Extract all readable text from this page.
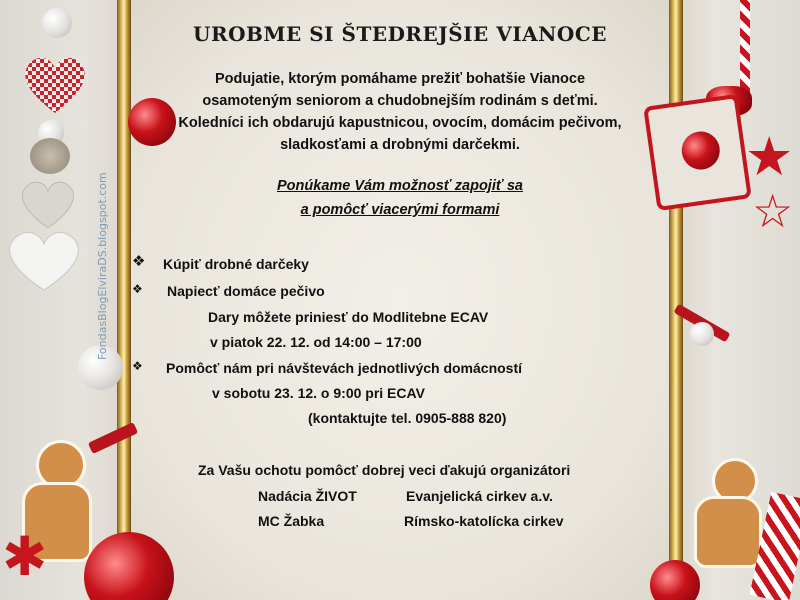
✱
★
☆
FondasBlogElviraDS.blogspot.com
UROBME SI ŠTEDREJŠIE VIANOCE
Podujatie, ktorým pomáhame prežiť bohatšie Vianoce
osamoteným seniorom a chudobnejším rodinám s deťmi.
Koledníci ich obdarujú kapustnicou, ovocím, domácim pečivom,
sladkosťami a drobnými darčekmi.
Ponúkame Vám možnosť zapojiť sa
a pomôcť viacerými formami
❖ Kúpiť drobné darčeky
❖ Napiecť domáce pečivo
Dary môžete priniesť do Modlitebne ECAV
v piatok 22. 12. od 14:00 – 17:00
❖ Pomôcť nám pri návštevách jednotlivých domácností
v sobotu 23. 12. o 9:00 pri ECAV
(kontaktujte tel. 0905-888 820)
Za Vašu ochotu pomôcť dobrej veci ďakujú organizátori
Nadácia ŽIVOT	Evanjelická cirkev a.v.
MC Žabka	Rímsko-katolícka cirkev
